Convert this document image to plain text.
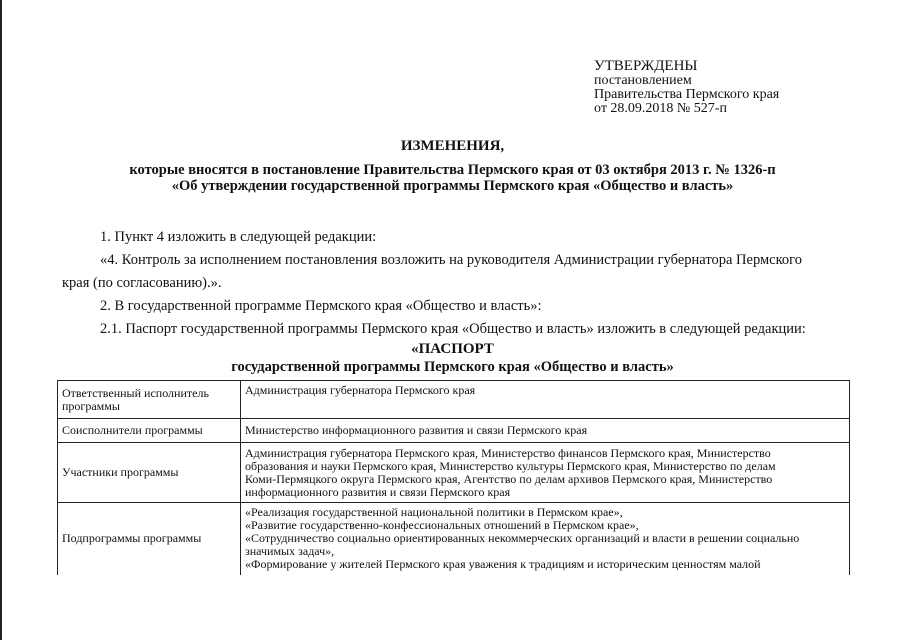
УТВЕРЖДЕНЫ
постановлением
Правительства Пермского края
от 28.09.2018 № 527-п
ИЗМЕНЕНИЯ,
которые вносятся в постановление Правительства Пермского края от 03 октября 2013 г. № 1326-п
«Об утверждении государственной программы Пермского края «Общество и власть»

1. Пункт 4 изложить в следующей редакции:

«4. Контроль за исполнением постановления возложить на руководителя Администрации губернатора Пермского

края (по согласованию).».

2. В государственной программе Пермского края «Общество и власть»:

2.1. Паспорт государственной программы Пермского края «Общество и власть» изложить в следующей редакции:

«ПАСПОРТ
государственной программы Пермского края «Общество и власть»
Ответственный исполнитель программы	Администрация губернатора Пермского края

Соисполнители программы	Министерство информационного развития и связи Пермского края

Участники программы	Администрация губернатора Пермского края, Министерство финансов Пермского края, Министерство
образования и науки Пермского края, Министерство культуры Пермского края, Министерство по делам
Коми-Пермяцкого округа Пермского края, Агентство по делам архивов Пермского края, Министерство
информационного развития и связи Пермского края

Подпрограммы программы	«Реализация государственной национальной политики в Пермском крае»,
«Развитие государственно-конфессиональных отношений в Пермском крае»,
«Сотрудничество социально ориентированных некоммерческих организаций и власти в решении социально
значимых задач»,
«Формирование у жителей Пермского края уважения к традициям и историческим ценностям малой
